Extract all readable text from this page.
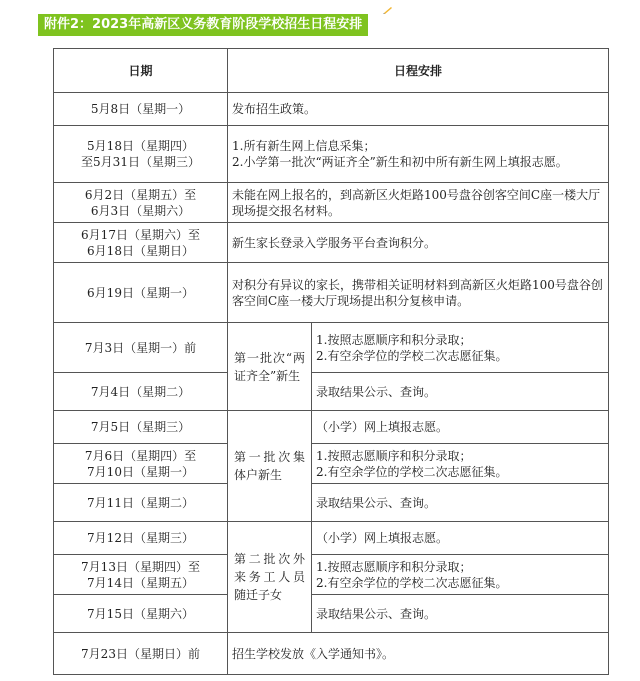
附件2：2023年高新区义务教育阶段学校招生日程安排
日期	日程安排	

5月8日（星期一）	发布招生政策。	

5月18日（星期四）
至5月31日（星期三）	1.所有新生网上信息采集；
2.小学第一批次“两证齐全”新生和初中所有新生网上填报志愿。	

6月2日（星期五）至
6月3日（星期六）	未能在网上报名的，到高新区火炬路100号盘谷创客空间C座一楼大厅现场提交报名材料。	

6月17日（星期六）至
6月18日（星期日）	新生家长登录入学服务平台查询积分。	

6月19日（星期一）	对积分有异议的家长，携带相关证明材料到高新区火炬路100号盘谷创客空间C座一楼大厅现场提出积分复核申请。	

7月3日（星期一）前	第一批次“两证齐全”新生	1.按照志愿顺序和积分录取；
2.有空余学位的学校二次志愿征集。

7月4日（星期二）		录取结果公示、查询。

7月5日（星期三）	第一批次集体户新生	（小学）网上填报志愿。

7月6日（星期四）至
7月10日（星期一）		1.按照志愿顺序和积分录取；
2.有空余学位的学校二次志愿征集。

7月11日（星期二）		录取结果公示、查询。

7月12日（星期三）	第二批次外来务工人员随迁子女	（小学）网上填报志愿。

7月13日（星期四）至
7月14日（星期五）		1.按照志愿顺序和积分录取；
2.有空余学位的学校二次志愿征集。

7月15日（星期六）		录取结果公示、查询。

7月23日（星期日）前	招生学校发放《入学通知书》。	
